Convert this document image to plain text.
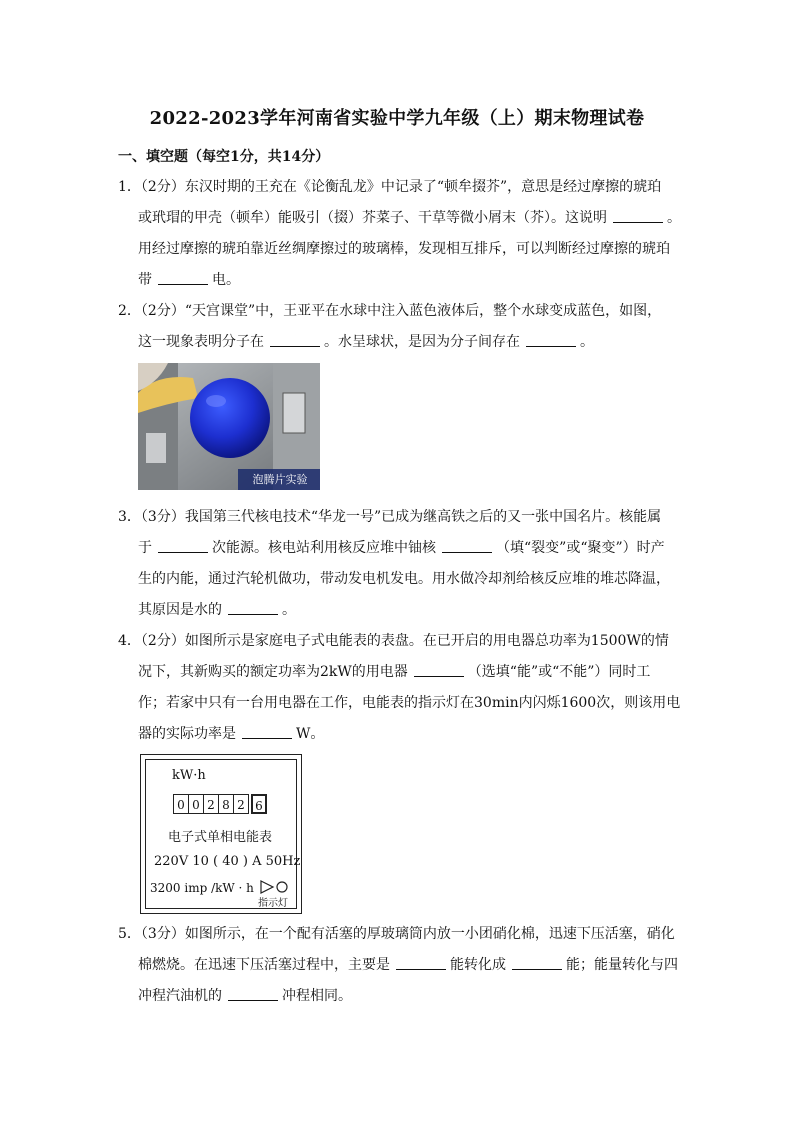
2022-2023学年河南省实验中学九年级（上）期末物理试卷
一、填空题（每空1分，共14分）
1．（2分）东汉时期的王充在《论衡乱龙》中记录了“顿牟掇芥”，意思是经过摩擦的琥珀
或玳瑁的甲壳（顿牟）能吸引（掇）芥菜子、干草等微小屑末（芥）。这说明	。
用经过摩擦的琥珀靠近丝绸摩擦过的玻璃棒，发现相互排斥，可以判断经过摩擦的琥珀
带	电。
2．（2分）“天宫课堂”中，王亚平在水球中注入蓝色液体后，整个水球变成蓝色，如图，
这一现象表明分子在	。水呈球状，是因为分子间存在	。
泡腾片实验
3．（3分）我国第三代核电技术“华龙一号”已成为继高铁之后的又一张中国名片。核能属
于	次能源。核电站利用核反应堆中铀核	（填“裂变”或“聚变”）时产
生的内能，通过汽轮机做功，带动发电机发电。用水做冷却剂给核反应堆的堆芯降温，
其原因是水的	。
4．（2分）如图所示是家庭电子式电能表的表盘。在已开启的用电器总功率为1500W的情
况下，其新购买的额定功率为2kW的用电器	（选填“能”或“不能”）同时工
作；若家中只有一台用电器在工作，电能表的指示灯在30min内闪烁1600次，则该用电
器的实际功率是	W。
kW·h
0 0 2 8 2 6
电子式单相电能表
220V 10 ( 40 ) A 50Hz
3200 imp /kW · h
指示灯
5．（3分）如图所示，在一个配有活塞的厚玻璃筒内放一小团硝化棉，迅速下压活塞，硝化
棉燃烧。在迅速下压活塞过程中，主要是	能转化成	能；能量转化与四
冲程汽油机的	冲程相同。
